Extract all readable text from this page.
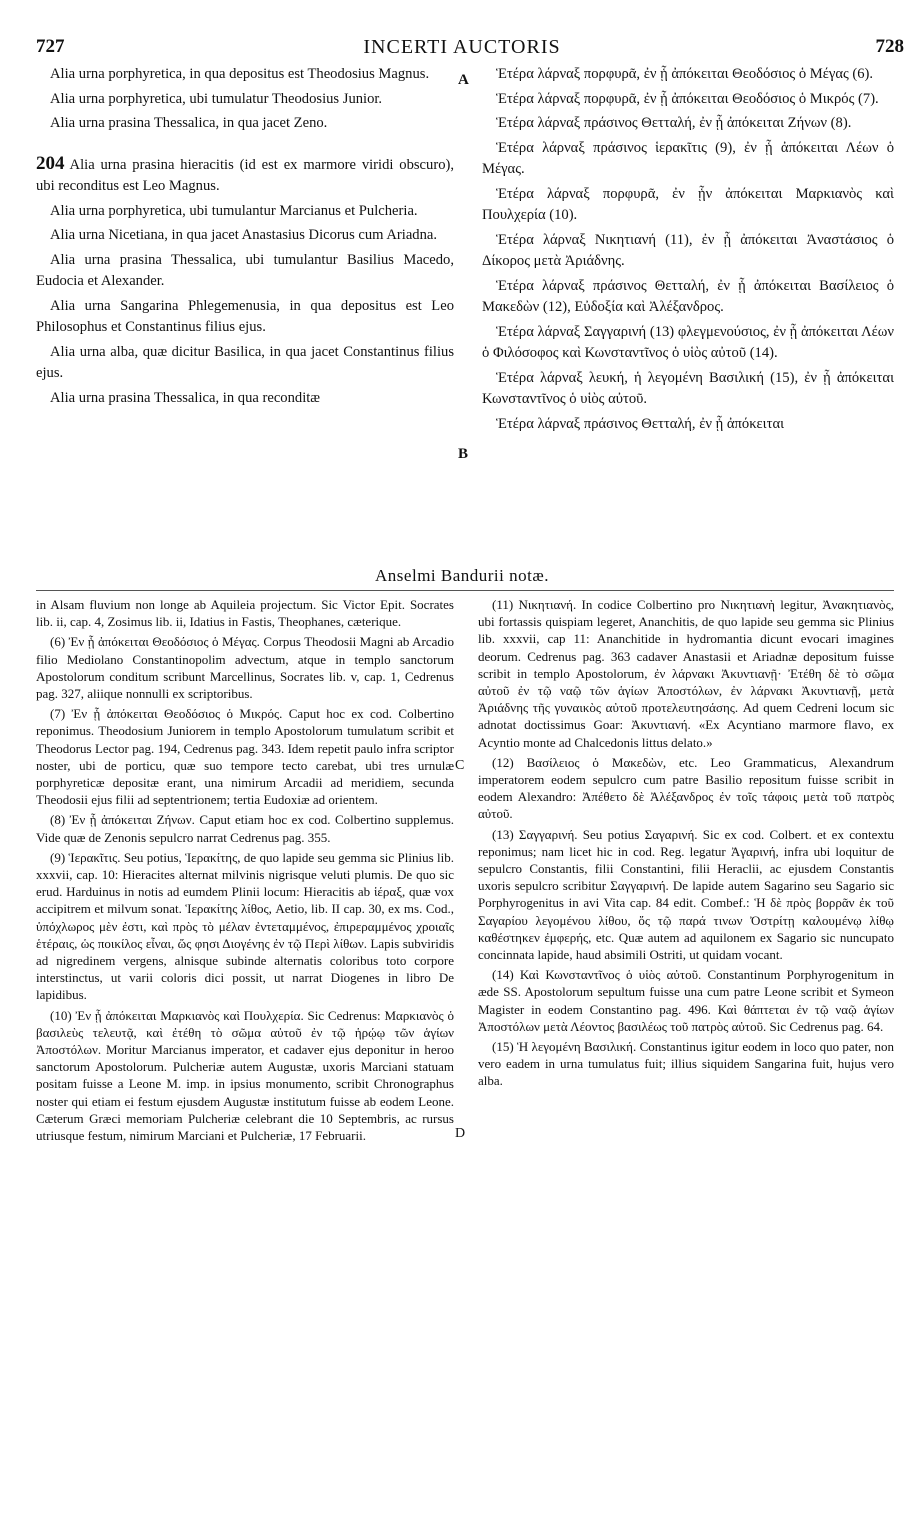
727	INCERTI AUCTORIS	728
A
B

Alia urna porphyretica, in qua depositus est Theodosius Magnus.

Alia urna porphyretica, ubi tumulatur Theodosius Junior.

Alia urna prasina Thessalica, in qua jacet Zeno.

204 Alia urna prasina hieracitis (id est ex marmore viridi obscuro), ubi reconditus est Leo Magnus.

Alia urna porphyretica, ubi tumulantur Marcianus et Pulcheria.

Alia urna Nicetiana, in qua jacet Anastasius Dicorus cum Ariadna.

Alia urna prasina Thessalica, ubi tumulantur Basilius Macedo, Eudocia et Alexander.

Alia urna Sangarina Phlegemenusia, in qua depositus est Leo Philosophus et Constantinus filius ejus.

Alia urna alba, quæ dicitur Basilica, in qua jacet Constantinus filius ejus.

Alia urna prasina Thessalica, in qua reconditæ

Ἑτέρα λάρναξ πορφυρᾶ, ἐν ᾗ ἀπόκειται Θεοδόσιος ὁ Μέγας (6).

Ἑτέρα λάρναξ πορφυρᾶ, ἐν ᾗ ἀπόκειται Θεοδόσιος ὁ Μικρός (7).

Ἑτέρα λάρναξ πράσινος Θετταλή, ἐν ᾗ ἀπόκειται Ζήνων (8).

Ἑτέρα λάρναξ πράσινος ἱερακῖτις (9), ἐν ᾗ ἀπόκειται Λέων ὁ Μέγας.

Ἑτέρα λάρναξ πορφυρᾶ, ἐν ᾗν ἀπόκειται Μαρκιανὸς καὶ Πουλχερία (10).

Ἑτέρα λάρναξ Νικητιανή (11), ἐν ᾗ ἀπόκειται Ἀναστάσιος ὁ Δίκορος μετὰ Ἀριάδνης.

Ἑτέρα λάρναξ πράσινος Θετταλή, ἐν ᾗ ἀπόκειται Βασίλειος ὁ Μακεδὼν (12), Εὐδοξία καὶ Ἀλέξανδρος.

Ἑτέρα λάρναξ Σαγγαρινή (13) φλεγμενούσιος, ἐν ᾗ ἀπόκειται Λέων ὁ Φιλόσοφος καὶ Κωνσταντῖνος ὁ υἱὸς αὐτοῦ (14).

Ἑτέρα λάρναξ λευκή, ἡ λεγομένη Βασιλική (15), ἐν ᾗ ἀπόκειται Κωνσταντῖνος ὁ υἱὸς αὐτοῦ.

Ἑτέρα λάρναξ πράσινος Θετταλή, ἐν ᾗ ἀπόκειται

Anselmi Bandurii notæ.
C
D

in Alsam fluvium non longe ab Aquileia projectum. Sic Victor Epit. Socrates lib. ii, cap. 4, Zosimus lib. ii, Idatius in Fastis, Theophanes, cæterique.

(6) Ἐν ᾗ ἀπόκειται Θεοδόσιος ὁ Μέγας. Corpus Theodosii Magni ab Arcadio filio Mediolano Constantinopolim advectum, atque in templo sanctorum Apostolorum conditum scribunt Marcellinus, Socrates lib. v, cap. 1, Cedrenus pag. 327, aliique nonnulli ex scriptoribus.

(7) Ἐν ᾗ ἀπόκειται Θεοδόσιος ὁ Μικρός. Caput hoc ex cod. Colbertino reponimus. Theodosium Juniorem in templo Apostolorum tumulatum scribit et Theodorus Lector pag. 194, Cedrenus pag. 343. Idem repetit paulo infra scriptor noster, ubi de porticu, quæ suo tempore tecto carebat, ubi tres urnulæ porphyreticæ depositæ erant, una nimirum Arcadii ad meridiem, secunda Theodosii ejus filii ad septentrionem; tertia Eudoxiæ ad orientem.

(8) Ἐν ᾗ ἀπόκειται Ζήνων. Caput etiam hoc ex cod. Colbertino supplemus. Vide quæ de Zenonis sepulcro narrat Cedrenus pag. 355.

(9) Ἱερακῖτις. Seu potius, Ἱερακίτης, de quo lapide seu gemma sic Plinius lib. xxxvii, cap. 10: Hieracites alternat milvinis nigrisque veluti plumis. De quo sic erud. Harduinus in notis ad eumdem Plinii locum: Hieracitis ab ἱέραξ, quæ vox accipitrem et milvum sonat. Ἱερακίτης λίθος, Aetio, lib. II cap. 30, ex ms. Cod., ὑπόχλωρος μὲν ἐστι, καὶ πρὸς τὸ μέλαν ἐντεταμμένος, ἐπιρεραμμένος χροιαῖς ἑτέραις, ὡς ποικίλος εἶναι, ὥς φησι Διογένης ἐν τῷ Περὶ λίθων. Lapis subviridis ad nigredinem vergens, alnisque subinde alternatis coloribus toto corpore interstinctus, ut varii coloris dici possit, ut narrat Diogenes in libro De lapidibus.

(10) Ἐν ᾗ ἀπόκειται Μαρκιανὸς καὶ Πουλχερία. Sic Cedrenus: Μαρκιανὸς ὁ βασιλεὺς τελευτᾷ, καὶ ἐτέθη τὸ σῶμα αὐτοῦ ἐν τῷ ἡρῴῳ τῶν ἁγίων Ἀποστόλων. Moritur Marcianus imperator, et cadaver ejus deponitur in heroo sanctorum Apostolorum. Pulcheriæ autem Augustæ, uxoris Marciani statuam positam fuisse a Leone M. imp. in ipsius monumento, scribit Chronographus noster qui etiam ei festum ejusdem Augustæ institutum fuisse ab eodem Leone. Cæterum Græci memoriam Pulcheriæ celebrant die 10 Septembris, ac rursus utriusque festum, nimirum Marciani et Pulcheriæ, 17 Februarii.

(11) Νικητιανή. In codice Colbertino pro Νικητιανὴ legitur, Ἀνακητιανὸς, ubi fortassis quispiam legeret, Ananchitis, de quo lapide seu gemma sic Plinius lib. xxxvii, cap 11: Ananchitide in hydromantia dicunt evocari imagines deorum. Cedrenus pag. 363 cadaver Anastasii et Ariadnæ depositum fuisse scribit in templo Apostolorum, ἐν λάρνακι Ἀκυντιανῇ· Ἐτέθη δὲ τὸ σῶμα αὐτοῦ ἐν τῷ ναῷ τῶν ἁγίων Ἀποστόλων, ἐν λάρνακι Ἀκυντιανῇ, μετὰ Ἀριάδνης τῆς γυναικὸς αὐτοῦ προτελευτησάσης. Ad quem Cedreni locum sic adnotat doctissimus Goar: Ἀκυντιανή. «Ex Acyntiano marmore flavo, ex Acyntio monte ad Chalcedonis littus delato.»

(12) Βασίλειος ὁ Μακεδὼν, etc. Leo Grammaticus, Alexandrum imperatorem eodem sepulcro cum patre Basilio repositum fuisse scribit in eodem Alexandro: Ἀπέθετο δὲ Ἀλέξανδρος ἐν τοῖς τάφοις μετὰ τοῦ πατρὸς αὐτοῦ.

(13) Σαγγαρινή. Seu potius Σαγαρινή. Sic ex cod. Colbert. et ex contextu reponimus; nam licet hic in cod. Reg. legatur Ἀγαρινή, infra ubi loquitur de sepulcro Constantis, filii Constantini, filii Heraclii, ac ejusdem Constantis uxoris sepulcro scribitur Σαγγαρινή. De lapide autem Sagarino seu Sagario sic Porphyrogenitus in avi Vita cap. 84 edit. Combef.: Ἡ δὲ πρὸς βορρᾶν ἐκ τοῦ Σαγαρίου λεγομένου λίθου, ὅς τῷ παρά τινων Ὀστρίτῃ καλουμένῳ λίθῳ καθέστηκεν ἐμφερής, etc. Quæ autem ad aquilonem ex Sagario sic nuncupato concinnata lapide, haud absimili Ostriti, ut quidam vocant.

(14) Καὶ Κωνσταντῖνος ὁ υἱὸς αὐτοῦ. Constantinum Porphyrogenitum in æde SS. Apostolorum sepultum fuisse una cum patre Leone scribit et Symeon Magister in eodem Constantino pag. 496. Καὶ θάπτεται ἐν τῷ ναῷ ἁγίων Ἀποστόλων μετὰ Λέοντος βασιλέως τοῦ πατρὸς αὐτοῦ. Sic Cedrenus pag. 64.

(15) Ἡ λεγομένη Βασιλική. Constantinus igitur eodem in loco quo pater, non vero eadem in urna tumulatus fuit; illius siquidem Sangarina fuit, hujus vero alba.
